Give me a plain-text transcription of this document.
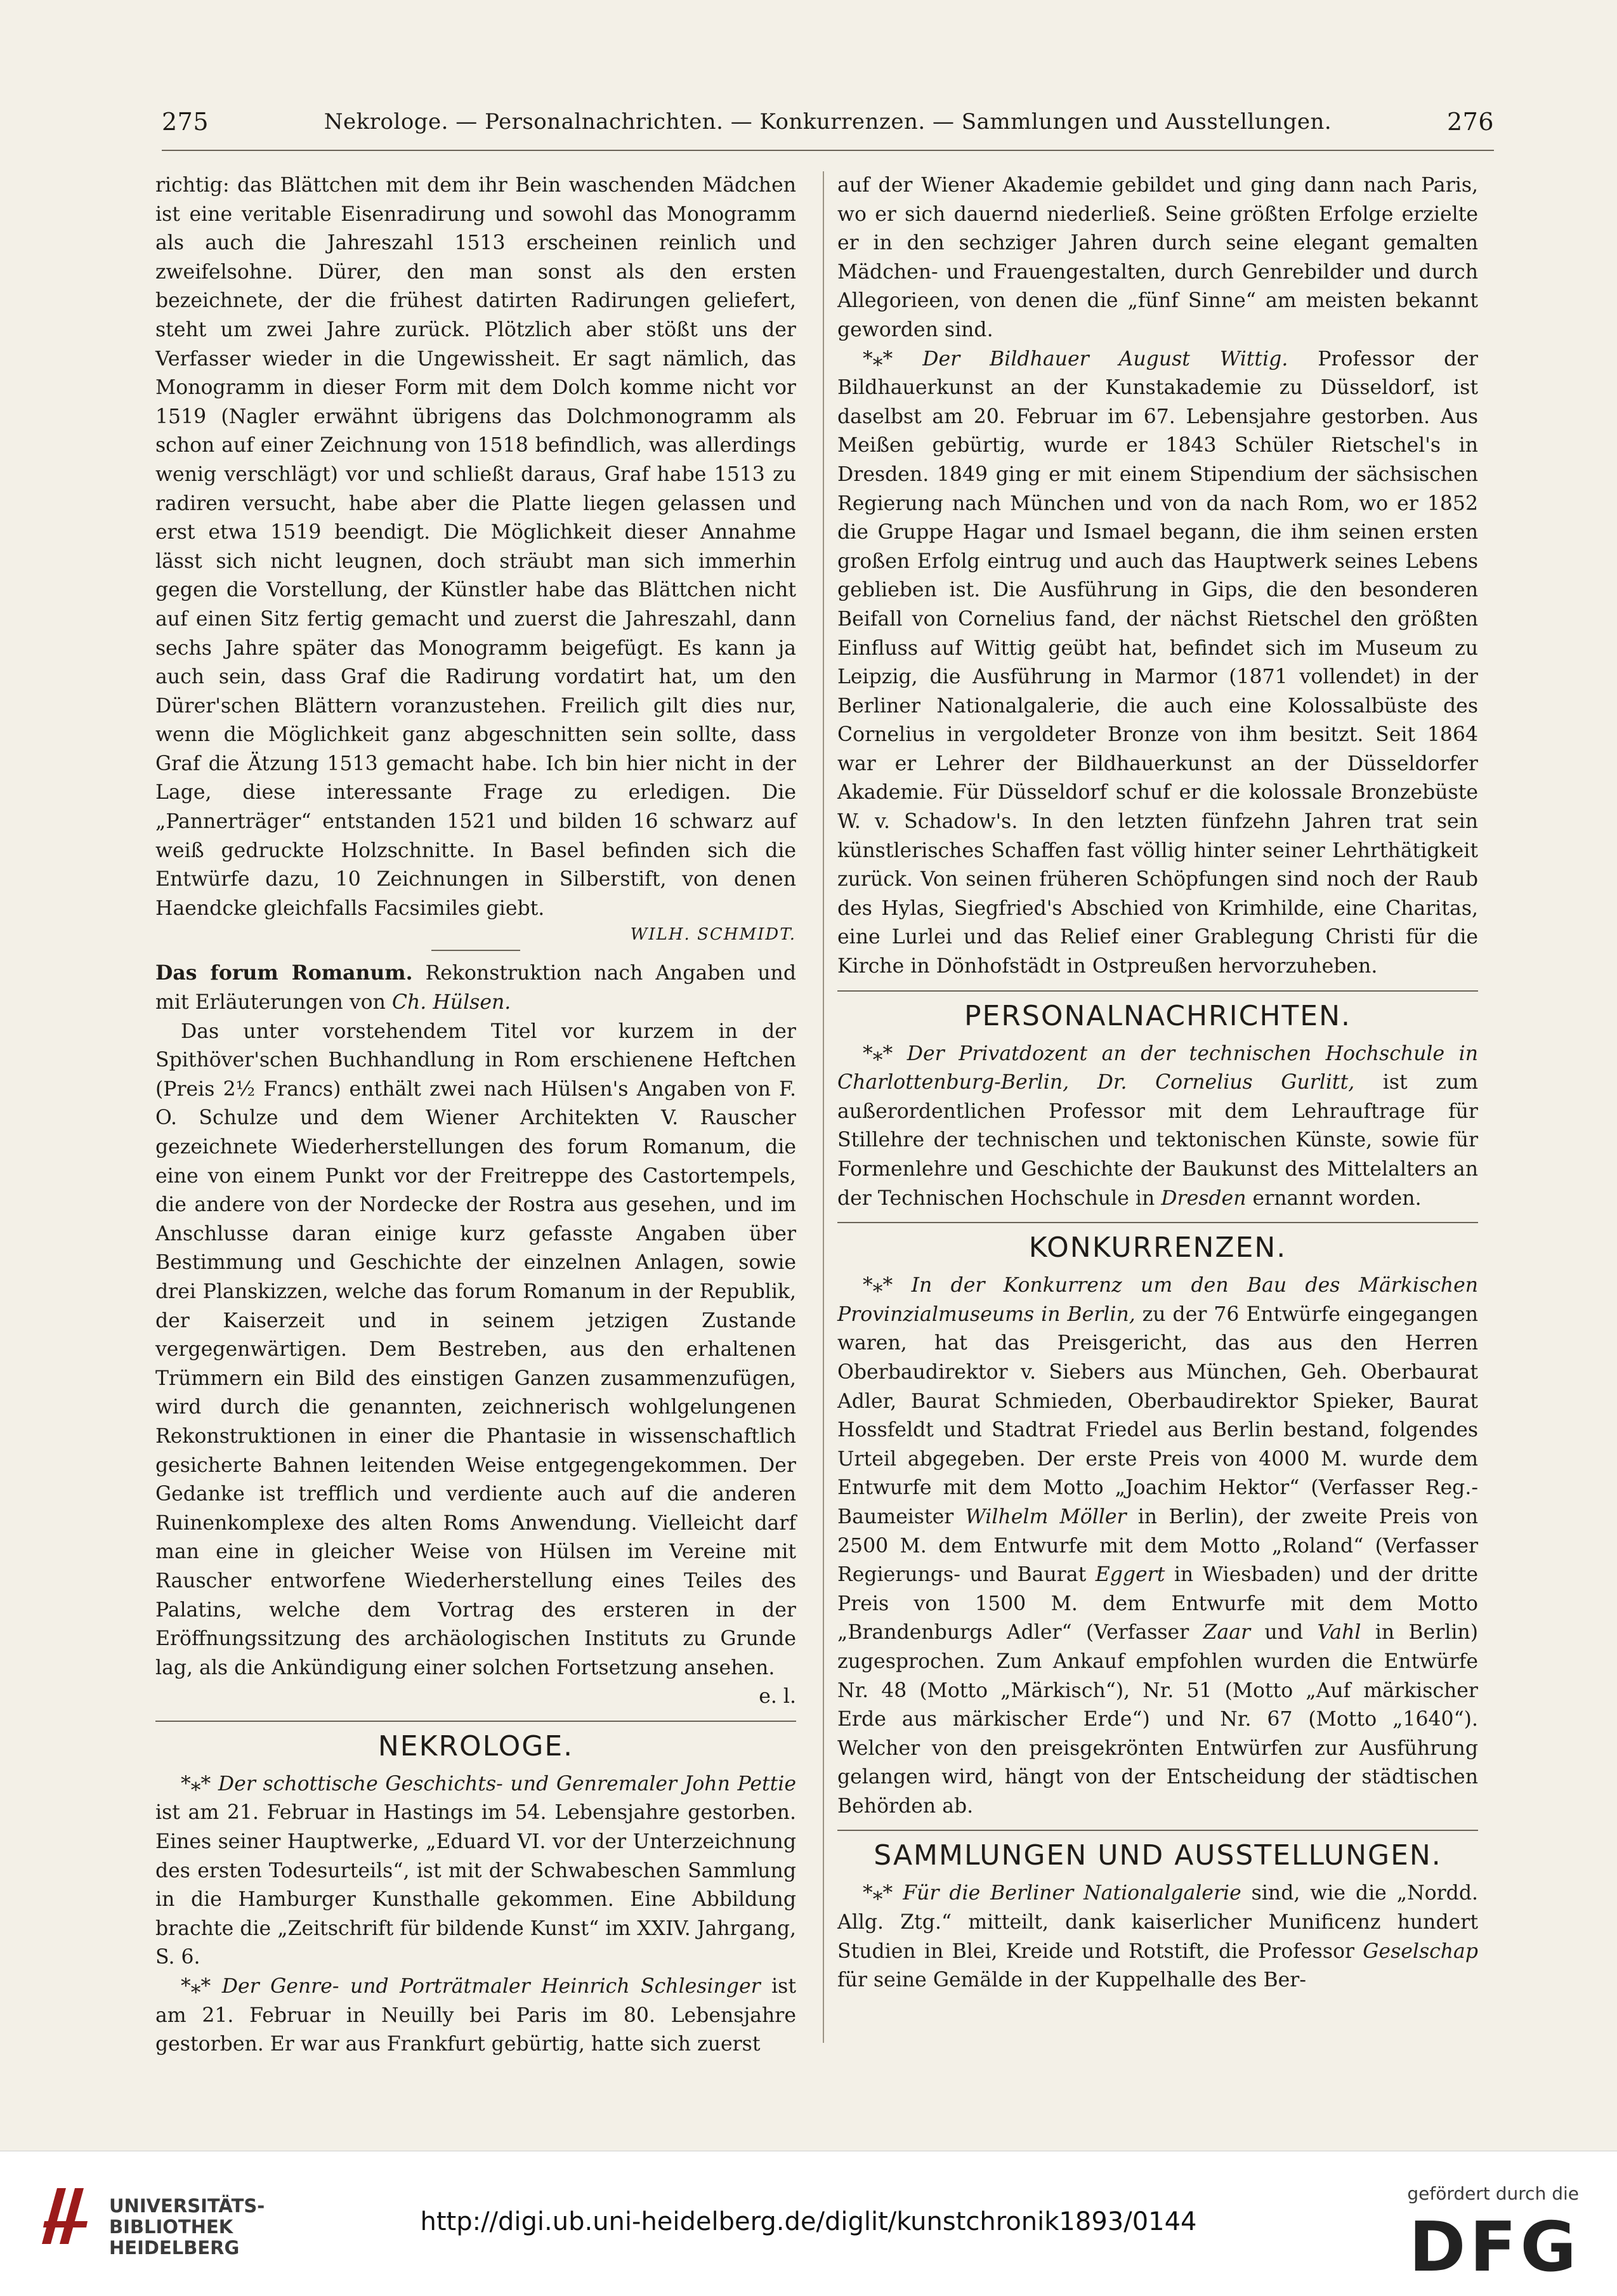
275	Nekrologe. — Personalnachrichten. — Konkurrenzen. — Sammlungen und Ausstellungen.	276

richtig: das Blättchen mit dem ihr Bein waschenden Mädchen ist eine veritable Eisenradirung und sowohl das Monogramm als auch die Jahreszahl 1513 erscheinen reinlich und zweifelsohne. Dürer, den man sonst als den ersten bezeichnete, der die frühest datirten Radirungen geliefert, steht um zwei Jahre zurück. Plötzlich aber stößt uns der Verfasser wieder in die Ungewissheit. Er sagt nämlich, das Monogramm in dieser Form mit dem Dolch komme nicht vor 1519 (Nagler erwähnt übrigens das Dolchmonogramm als schon auf einer Zeichnung von 1518 befindlich, was allerdings wenig verschlägt) vor und schließt daraus, Graf habe 1513 zu radiren versucht, habe aber die Platte liegen gelassen und erst etwa 1519 beendigt. Die Möglichkeit dieser Annahme lässt sich nicht leugnen, doch sträubt man sich immerhin gegen die Vorstellung, der Künstler habe das Blättchen nicht auf einen Sitz fertig gemacht und zuerst die Jahreszahl, dann sechs Jahre später das Monogramm beigefügt. Es kann ja auch sein, dass Graf die Radirung vordatirt hat, um den Dürer'schen Blättern voranzustehen. Freilich gilt dies nur, wenn die Möglichkeit ganz abgeschnitten sein sollte, dass Graf die Ätzung 1513 gemacht habe. Ich bin hier nicht in der Lage, diese interessante Frage zu erledigen. Die „Pannerträger“ entstanden 1521 und bilden 16 schwarz auf weiß gedruckte Holzschnitte. In Basel befinden sich die Entwürfe dazu, 10 Zeichnungen in Silberstift, von denen Haendcke gleichfalls Facsimiles giebt.

WILH. SCHMIDT.

Das forum Romanum. Rekonstruktion nach Angaben und mit Erläuterungen von Ch. Hülsen.

Das unter vorstehendem Titel vor kurzem in der Spithöver'schen Buchhandlung in Rom erschienene Heftchen (Preis 2½ Francs) enthält zwei nach Hülsen's Angaben von F. O. Schulze und dem Wiener Architekten V. Rauscher gezeichnete Wiederherstellungen des forum Romanum, die eine von einem Punkt vor der Freitreppe des Castortempels, die andere von der Nordecke der Rostra aus gesehen, und im Anschlusse daran einige kurz gefasste Angaben über Bestimmung und Geschichte der einzelnen Anlagen, sowie drei Planskizzen, welche das forum Romanum in der Republik, der Kaiserzeit und in seinem jetzigen Zustande vergegenwärtigen. Dem Bestreben, aus den erhaltenen Trümmern ein Bild des einstigen Ganzen zusammenzufügen, wird durch die genannten, zeichnerisch wohlgelungenen Rekonstruktionen in einer die Phantasie in wissenschaftlich gesicherte Bahnen leitenden Weise entgegengekommen. Der Gedanke ist trefflich und verdiente auch auf die anderen Ruinenkomplexe des alten Roms Anwendung. Vielleicht darf man eine in gleicher Weise von Hülsen im Vereine mit Rauscher entworfene Wiederherstellung eines Teiles des Palatins, welche dem Vortrag des ersteren in der Eröffnungssitzung des archäologischen Instituts zu Grunde lag, als die Ankündigung einer solchen Fortsetzung ansehen.

e. l.

NEKROLOGE.

*⁎* Der schottische Geschichts- und Genremaler John Pettie ist am 21. Februar in Hastings im 54. Lebensjahre gestorben. Eines seiner Hauptwerke, „Eduard VI. vor der Unterzeichnung des ersten Todesurteils“, ist mit der Schwabeschen Sammlung in die Hamburger Kunsthalle gekommen. Eine Abbildung brachte die „Zeitschrift für bildende Kunst“ im XXIV. Jahrgang, S. 6.

*⁎* Der Genre- und Porträtmaler Heinrich Schlesinger ist am 21. Februar in Neuilly bei Paris im 80. Lebensjahre gestorben. Er war aus Frankfurt gebürtig, hatte sich zuerst

auf der Wiener Akademie gebildet und ging dann nach Paris, wo er sich dauernd niederließ. Seine größten Erfolge erzielte er in den sechziger Jahren durch seine elegant gemalten Mädchen- und Frauengestalten, durch Genrebilder und durch Allegorieen, von denen die „fünf Sinne“ am meisten bekannt geworden sind.

*⁎* Der Bildhauer August Wittig. Professor der Bildhauerkunst an der Kunstakademie zu Düsseldorf, ist daselbst am 20. Februar im 67. Lebensjahre gestorben. Aus Meißen gebürtig, wurde er 1843 Schüler Rietschel's in Dresden. 1849 ging er mit einem Stipendium der sächsischen Regierung nach München und von da nach Rom, wo er 1852 die Gruppe Hagar und Ismael begann, die ihm seinen ersten großen Erfolg eintrug und auch das Hauptwerk seines Lebens geblieben ist. Die Ausführung in Gips, die den besonderen Beifall von Cornelius fand, der nächst Rietschel den größten Einfluss auf Wittig geübt hat, befindet sich im Museum zu Leipzig, die Ausführung in Marmor (1871 vollendet) in der Berliner Nationalgalerie, die auch eine Kolossalbüste des Cornelius in vergoldeter Bronze von ihm besitzt. Seit 1864 war er Lehrer der Bildhauerkunst an der Düsseldorfer Akademie. Für Düsseldorf schuf er die kolossale Bronzebüste W. v. Schadow's. In den letzten fünfzehn Jahren trat sein künstlerisches Schaffen fast völlig hinter seiner Lehrthätigkeit zurück. Von seinen früheren Schöpfungen sind noch der Raub des Hylas, Siegfried's Abschied von Krimhilde, eine Charitas, eine Lurlei und das Relief einer Grablegung Christi für die Kirche in Dönhofstädt in Ostpreußen hervorzuheben.

PERSONALNACHRICHTEN.

*⁎* Der Privatdozent an der technischen Hochschule in Charlottenburg-Berlin, Dr. Cornelius Gurlitt, ist zum außerordentlichen Professor mit dem Lehrauftrage für Stillehre der technischen und tektonischen Künste, sowie für Formenlehre und Geschichte der Baukunst des Mittelalters an der Technischen Hochschule in Dresden ernannt worden.

KONKURRENZEN.

*⁎* In der Konkurrenz um den Bau des Märkischen Provinzialmuseums in Berlin, zu der 76 Entwürfe eingegangen waren, hat das Preisgericht, das aus den Herren Oberbaudirektor v. Siebers aus München, Geh. Oberbaurat Adler, Baurat Schmieden, Oberbaudirektor Spieker, Baurat Hossfeldt und Stadtrat Friedel aus Berlin bestand, folgendes Urteil abgegeben. Der erste Preis von 4000 M. wurde dem Entwurfe mit dem Motto „Joachim Hektor“ (Verfasser Reg.-Baumeister Wilhelm Möller in Berlin), der zweite Preis von 2500 M. dem Entwurfe mit dem Motto „Roland“ (Verfasser Regierungs- und Baurat Eggert in Wiesbaden) und der dritte Preis von 1500 M. dem Entwurfe mit dem Motto „Brandenburgs Adler“ (Verfasser Zaar und Vahl in Berlin) zugesprochen. Zum Ankauf empfohlen wurden die Entwürfe Nr. 48 (Motto „Märkisch“), Nr. 51 (Motto „Auf märkischer Erde aus märkischer Erde“) und Nr. 67 (Motto „1640“). Welcher von den preisgekrönten Entwürfen zur Ausführung gelangen wird, hängt von der Entscheidung der städtischen Behörden ab.

SAMMLUNGEN UND AUSSTELLUNGEN.

*⁎* Für die Berliner Nationalgalerie sind, wie die „Nordd. Allg. Ztg.“ mitteilt, dank kaiserlicher Munificenz hundert Studien in Blei, Kreide und Rotstift, die Professor Geselschap für seine Gemälde in der Kuppelhalle des Ber-

UNIVERSITÄTS-
BIBLIOTHEK
HEIDELBERG
http://digi.ub.uni-heidelberg.de/diglit/kunstchronik1893/0144
gefördert durch die
DFG
